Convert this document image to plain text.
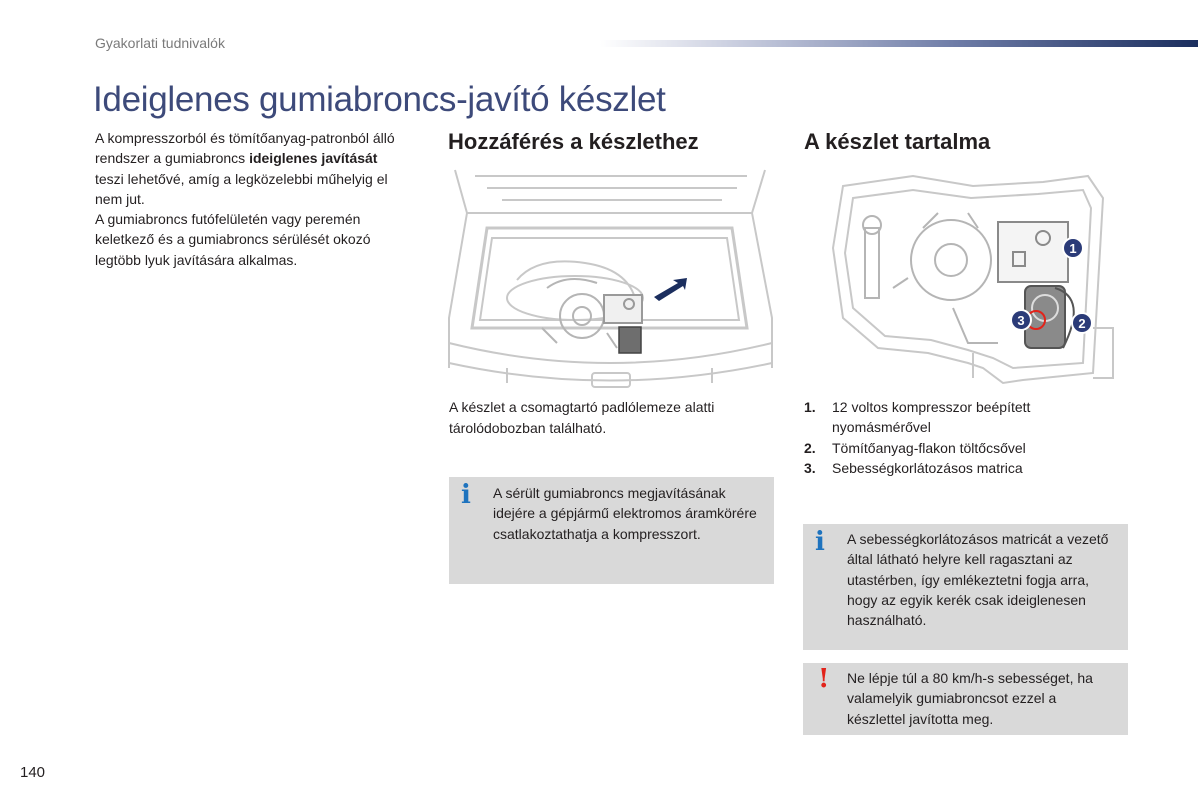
Gyakorlati tudnivalók
Ideiglenes gumiabroncs-javító készlet

A kompresszorból és tömítőanyag-patronból álló rendszer a gumiabroncs ideiglenes javítását teszi lehetővé, amíg a legközelebbi műhelyig el nem jut.

A gumiabroncs futófelületén vagy peremén keletkező és a gumiabroncs sérülését okozó legtöbb lyuk javítására alkalmas.

Hozzáférés a készlethez	A készlet tartalma
1
2
3
A készlet a csomagtartó padlólemeze alatti tárolódobozban található.
1.	12 voltos kompresszor beépített nyomásmérővel
2.	Tömítőanyag-flakon töltőcsővel
3.	Sebességkorlátozásos matrica
i A sérült gumiabroncs megjavításának idejére a gépjármű elektromos áramkörére csatlakoztathatja a kompresszort.	i A sebességkorlátozásos matricát a vezető által látható helyre kell ragasztani az utastérben, így emlékeztetni fogja arra, hogy az egyik kerék csak ideiglenesen használható.
! Ne lépje túl a 80 km/h-s sebességet, ha valamelyik gumiabroncsot ezzel a készlettel javította meg.
140
